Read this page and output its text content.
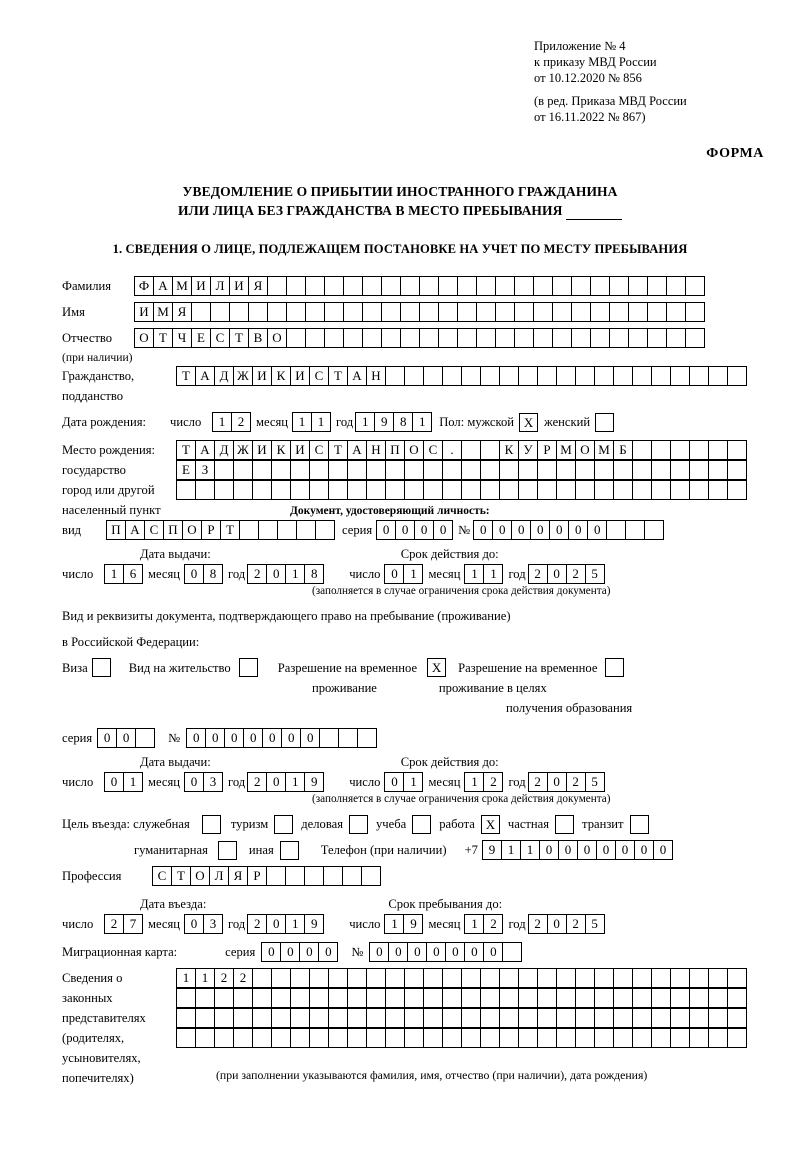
Приложение № 4
к приказу МВД России
от 10.12.2020 № 856
(в ред. Приказа МВД России
от 16.11.2022 № 867)
ФОРМА
УВЕДОМЛЕНИЕ О ПРИБЫТИИ ИНОСТРАННОГО ГРАЖДАНИНА
ИЛИ ЛИЦА БЕЗ ГРАЖДАНСТВА В МЕСТО ПРЕБЫВАНИЯ
1. СВЕДЕНИЯ О ЛИЦЕ, ПОДЛЕЖАЩЕМ ПОСТАНОВКЕ НА УЧЕТ ПО МЕСТУ ПРЕБЫВАНИЯ
Фамилия	Ф А М И Л И Я
Имя	И М Я
Отчество	О Т Ч Е С Т В О
(при наличии)
Гражданство,	Т А Д Ж И К И С Т А Н
подданство
Дата рождения:	число	1 2 месяц 1 1 год 1 9 8 1	Пол: мужской Х женский
Место рождения:	Т А Д Ж И К И С Т А Н П О С	.	К У Р М О М Б
государство	Е З
город или другой
населенный пункт	Документ, удостоверяющий личность:
вид	П А С П О Р Т	серия 0 0 0 0 № 0 0 0 0 0 0 0
Дата выдачи:	Срок действия до:
число	1 6 месяц 0 8 год 2 0 1 8	число 0 1 месяц 1 1 год 2 0 2 5
(заполняется в случае ограничения срока действия документа)
Вид и реквизиты документа, подтверждающего право на пребывание (проживание)
в Российской Федерации:
Виза	Вид на жительство	Разрешение на временное	Х	Разрешение на временное
проживание	проживание в целях
получения образования
серия 0 0	№ 0 0 0 0 0 0 0
Дата выдачи:	Срок действия до:
число	0 1 месяц 0 3 год 2 0 1 9	число 0 1 месяц 1 2 год 2 0 2 5
(заполняется в случае ограничения срока действия документа)
Цель въезда: служебная	туризм	деловая	учеба	работа Х	частная	транзит
гуманитарная	иная	Телефон (при наличии) +7 9 1 1 0 0 0 0 0 0 0
Профессия	С Т О Л Я Р
Дата въезда:	Срок пребывания до:
число	2 7 месяц 0 3 год 2 0 1 9	число 1 9 месяц 1 2 год 2 0 2 5
Миграционная карта:	серия 0 0 0 0	№ 0 0 0 0 0 0 0
Сведения о	1 1 2 2
законных
представителях
(родителях,
усыновителях,
попечителях)	(при заполнении указываются фамилия, имя, отчество (при наличии), дата рождения)
